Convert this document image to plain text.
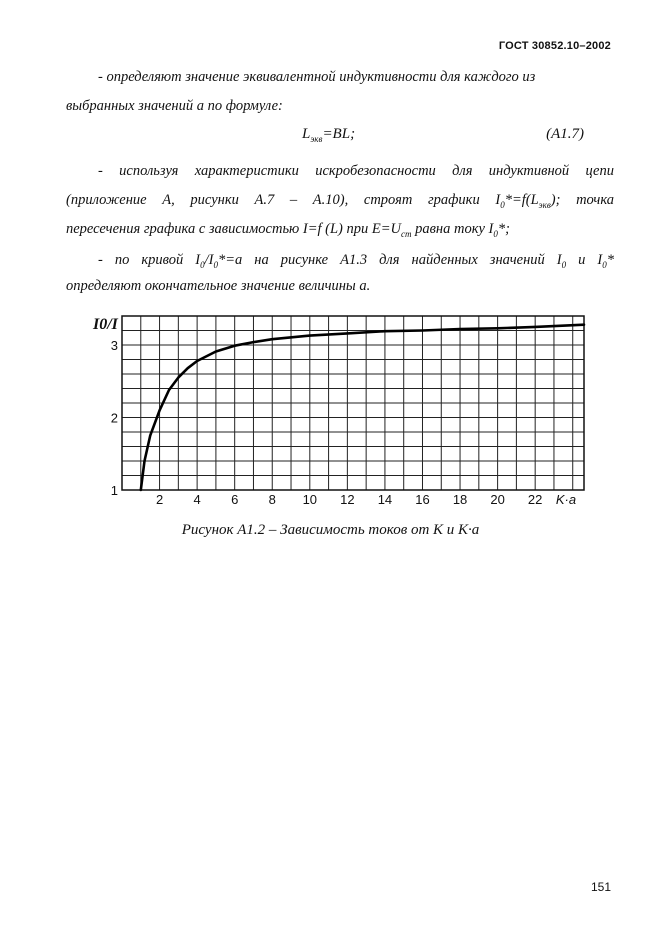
ГОСТ 30852.10–2002
- определяют значение эквивалентной индуктивности для каждого из
выбранных значений a по формуле:
$L_{экв}=BL$;	(A1.7)
- используя характеристики искробезопасности для индуктивной цепи
(приложение А, рисунки А.7 – А.10), строят графики $I_0*=f(L_{экв})$; точка
пересечения графика с зависимостью I=f (L) при $E=U_{cm}$ равна току $I_0*$;
- по кривой $I_0/I_0*=a$ на рисунке А1.3 для найденных значений $I_0$ и $I_0*$
определяют окончательное значение величины a.
2 4 6 8 10 12 14 16 18 20 22
1
2
3
I0/I
K·a
Рисунок А1.2 – Зависимость токов от K и K·a
151
